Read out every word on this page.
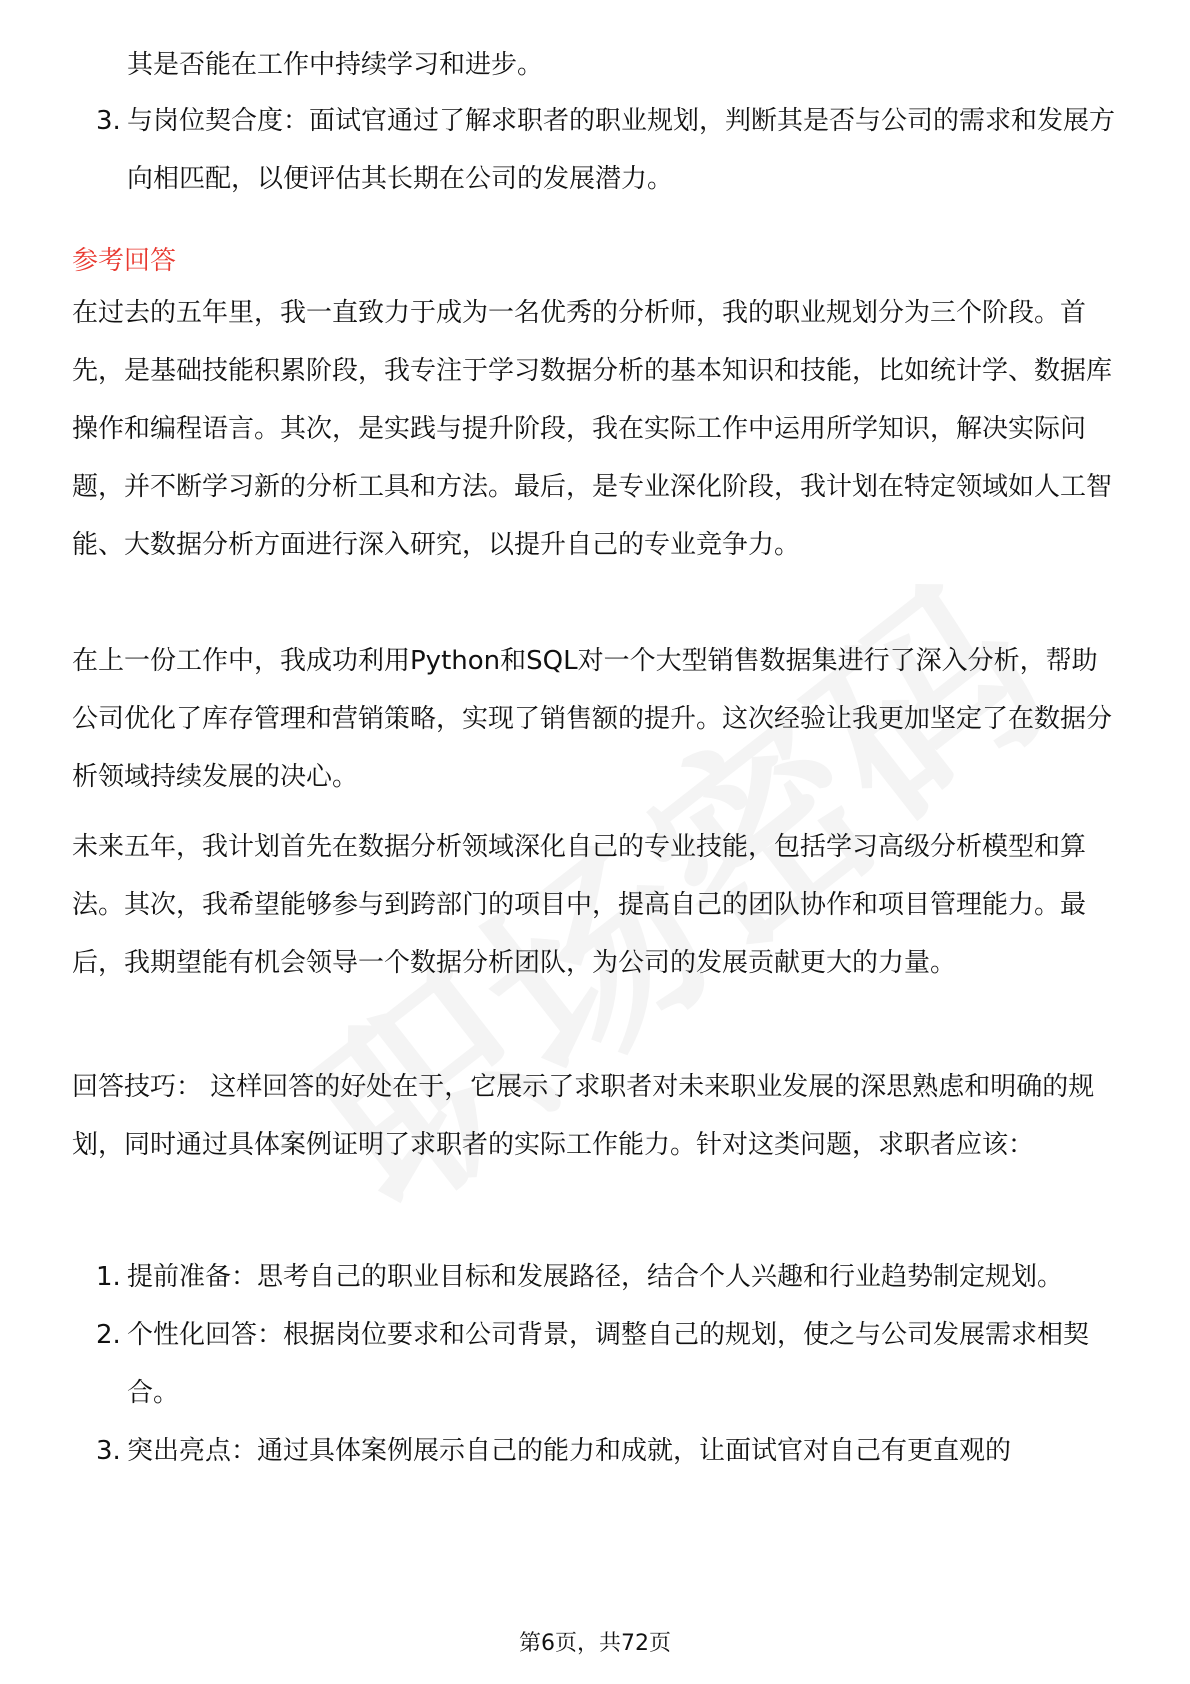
其是否能在工作中持续学习和进步。

3. 与岗位契合度：面试官通过了解求职者的职业规划，判断其是否与公司的需求和发展方向相匹配，以便评估其长期在公司的发展潜力。
参考回答

在过去的五年里，我一直致力于成为一名优秀的分析师，我的职业规划分为三个阶段。首先，是基础技能积累阶段，我专注于学习数据分析的基本知识和技能，比如统计学、数据库操作和编程语言。其次，是实践与提升阶段，我在实际工作中运用所学知识，解决实际问题，并不断学习新的分析工具和方法。最后，是专业深化阶段，我计划在特定领域如人工智能、大数据分析方面进行深入研究，以提升自己的专业竞争力。

在上一份工作中，我成功利用Python和SQL对一个大型销售数据集进行了深入分析，帮助公司优化了库存管理和营销策略，实现了销售额的提升。这次经验让我更加坚定了在数据分析领域持续发展的决心。

未来五年，我计划首先在数据分析领域深化自己的专业技能，包括学习高级分析模型和算法。其次，我希望能够参与到跨部门的项目中，提高自己的团队协作和项目管理能力。最后，我期望能有机会领导一个数据分析团队，为公司的发展贡献更大的力量。

回答技巧： 这样回答的好处在于，它展示了求职者对未来职业发展的深思熟虑和明确的规划，同时通过具体案例证明了求职者的实际工作能力。针对这类问题，求职者应该：

1. 提前准备：思考自己的职业目标和发展路径，结合个人兴趣和行业趋势制定规划。
2. 个性化回答：根据岗位要求和公司背景，调整自己的规划，使之与公司发展需求相契合。
3. 突出亮点：通过具体案例展示自己的能力和成就，让面试官对自己有更直观的
第6页，共72页
